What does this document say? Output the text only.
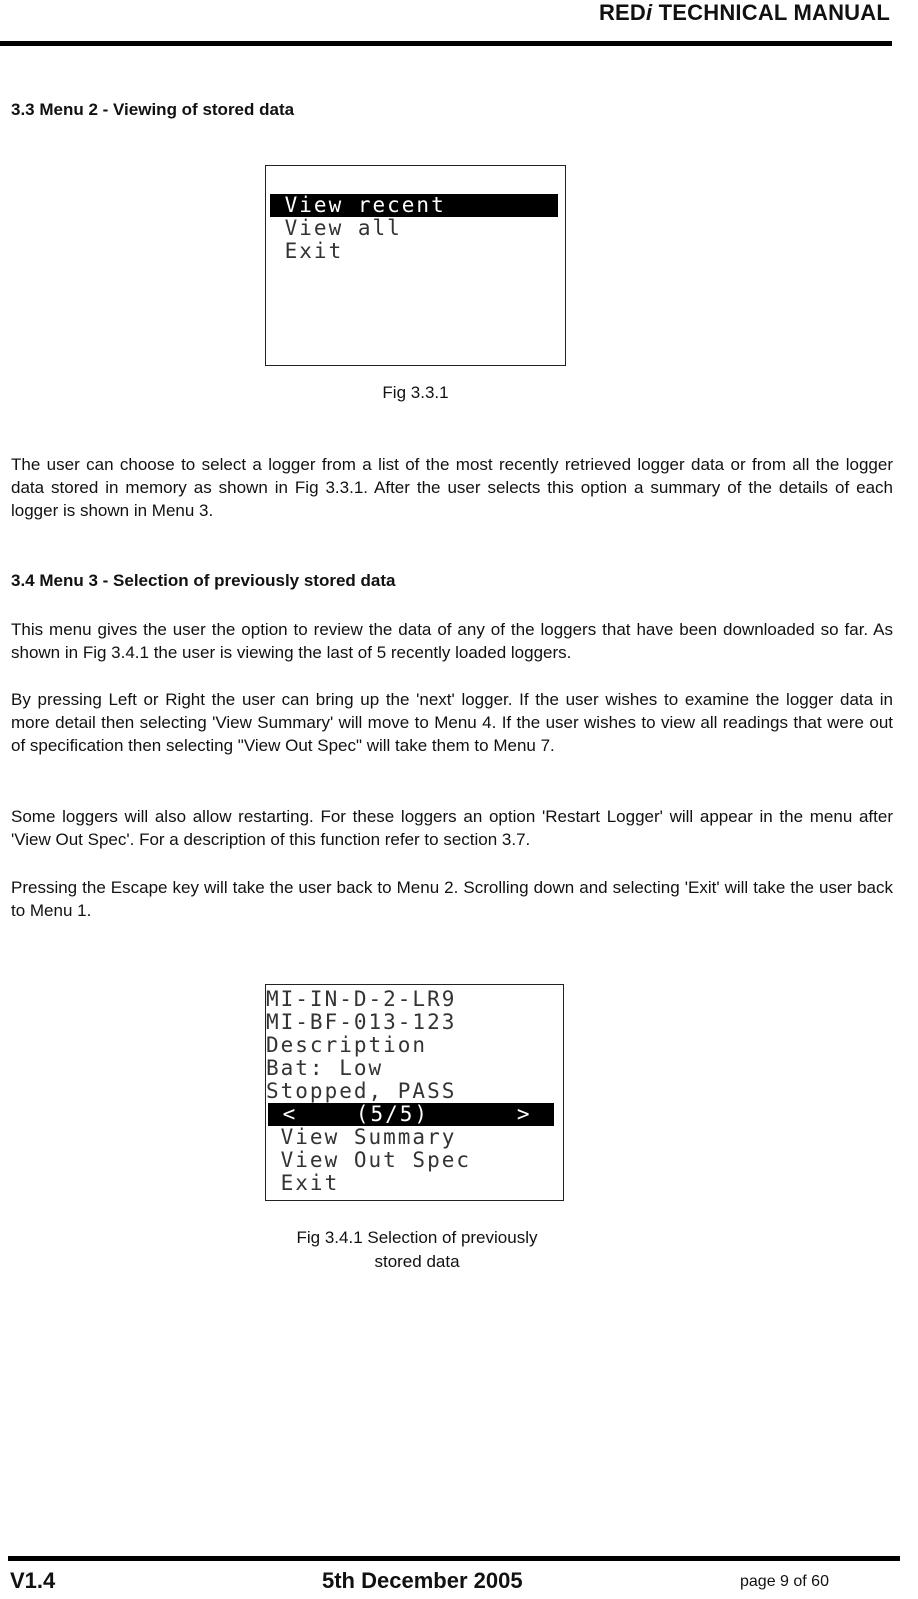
REDi TECHNICAL MANUAL
3.3 Menu 2 - Viewing of stored data
View recent
View all
Exit
Fig 3.3.1
The user can choose to select a logger from a list of the most recently retrieved logger data or from all the logger data stored in memory as shown in Fig 3.3.1. After the user selects this option a summary of the details of each logger is shown in Menu 3.
3.4 Menu 3 - Selection of previously stored data
This menu gives the user the option to review the data of any of the loggers that have been downloaded so far. As shown in Fig 3.4.1 the user is viewing the last of 5 recently loaded loggers.
By pressing Left or Right the user can bring up the 'next' logger. If the user wishes to examine the logger data in more detail then selecting 'View Summary' will move to Menu 4. If the user wishes to view all readings that were out of specification then selecting "View Out Spec" will take them to Menu 7.
Some loggers will also allow restarting. For these loggers an option 'Restart Logger' will appear in the menu after 'View Out Spec'. For a description of this function refer to section 3.7.
Pressing the Escape key will take the user back to Menu 2. Scrolling down and selecting 'Exit' will take the user back to Menu 1.
MI-IN-D-2-LR9
MI-BF-013-123
Description
Bat: Low
Stopped, PASS
<    (5/5)      >
View Summary
View Out Spec
Exit
Fig 3.4.1 Selection of previously
stored data
V1.4	5th December 2005	page 9 of 60
